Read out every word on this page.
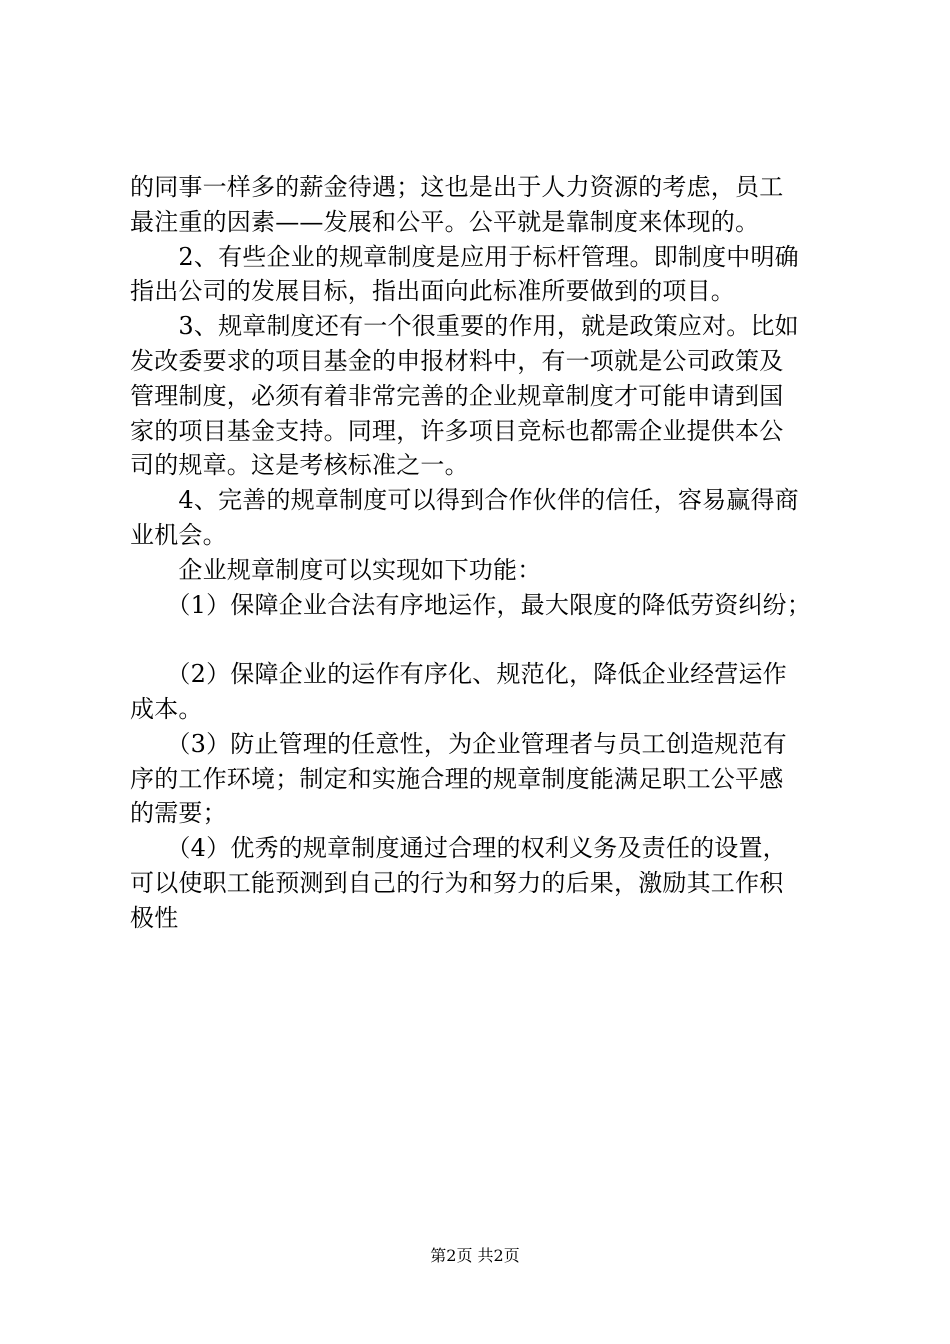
的同事一样多的薪金待遇；这也是出于人力资源的考虑，员工
最注重的因素——发展和公平。公平就是靠制度来体现的。
　　2、有些企业的规章制度是应用于标杆管理。即制度中明确
指出公司的发展目标，指出面向此标准所要做到的项目。
　　3、规章制度还有一个很重要的作用，就是政策应对。比如
发改委要求的项目基金的申报材料中，有一项就是公司政策及
管理制度，必须有着非常完善的企业规章制度才可能申请到国
家的项目基金支持。同理，许多项目竞标也都需企业提供本公
司的规章。这是考核标准之一。
　　4、完善的规章制度可以得到合作伙伴的信任，容易赢得商
业机会。
　　企业规章制度可以实现如下功能：
　　（1）保障企业合法有序地运作，最大限度的降低劳资纠纷；
　　（2）保障企业的运作有序化、规范化，降低企业经营运作
成本。
　　（3）防止管理的任意性，为企业管理者与员工创造规范有
序的工作环境；制定和实施合理的规章制度能满足职工公平感
的需要；
　　（4）优秀的规章制度通过合理的权利义务及责任的设置，
可以使职工能预测到自己的行为和努力的后果，激励其工作积
极性
第2页 共2页
